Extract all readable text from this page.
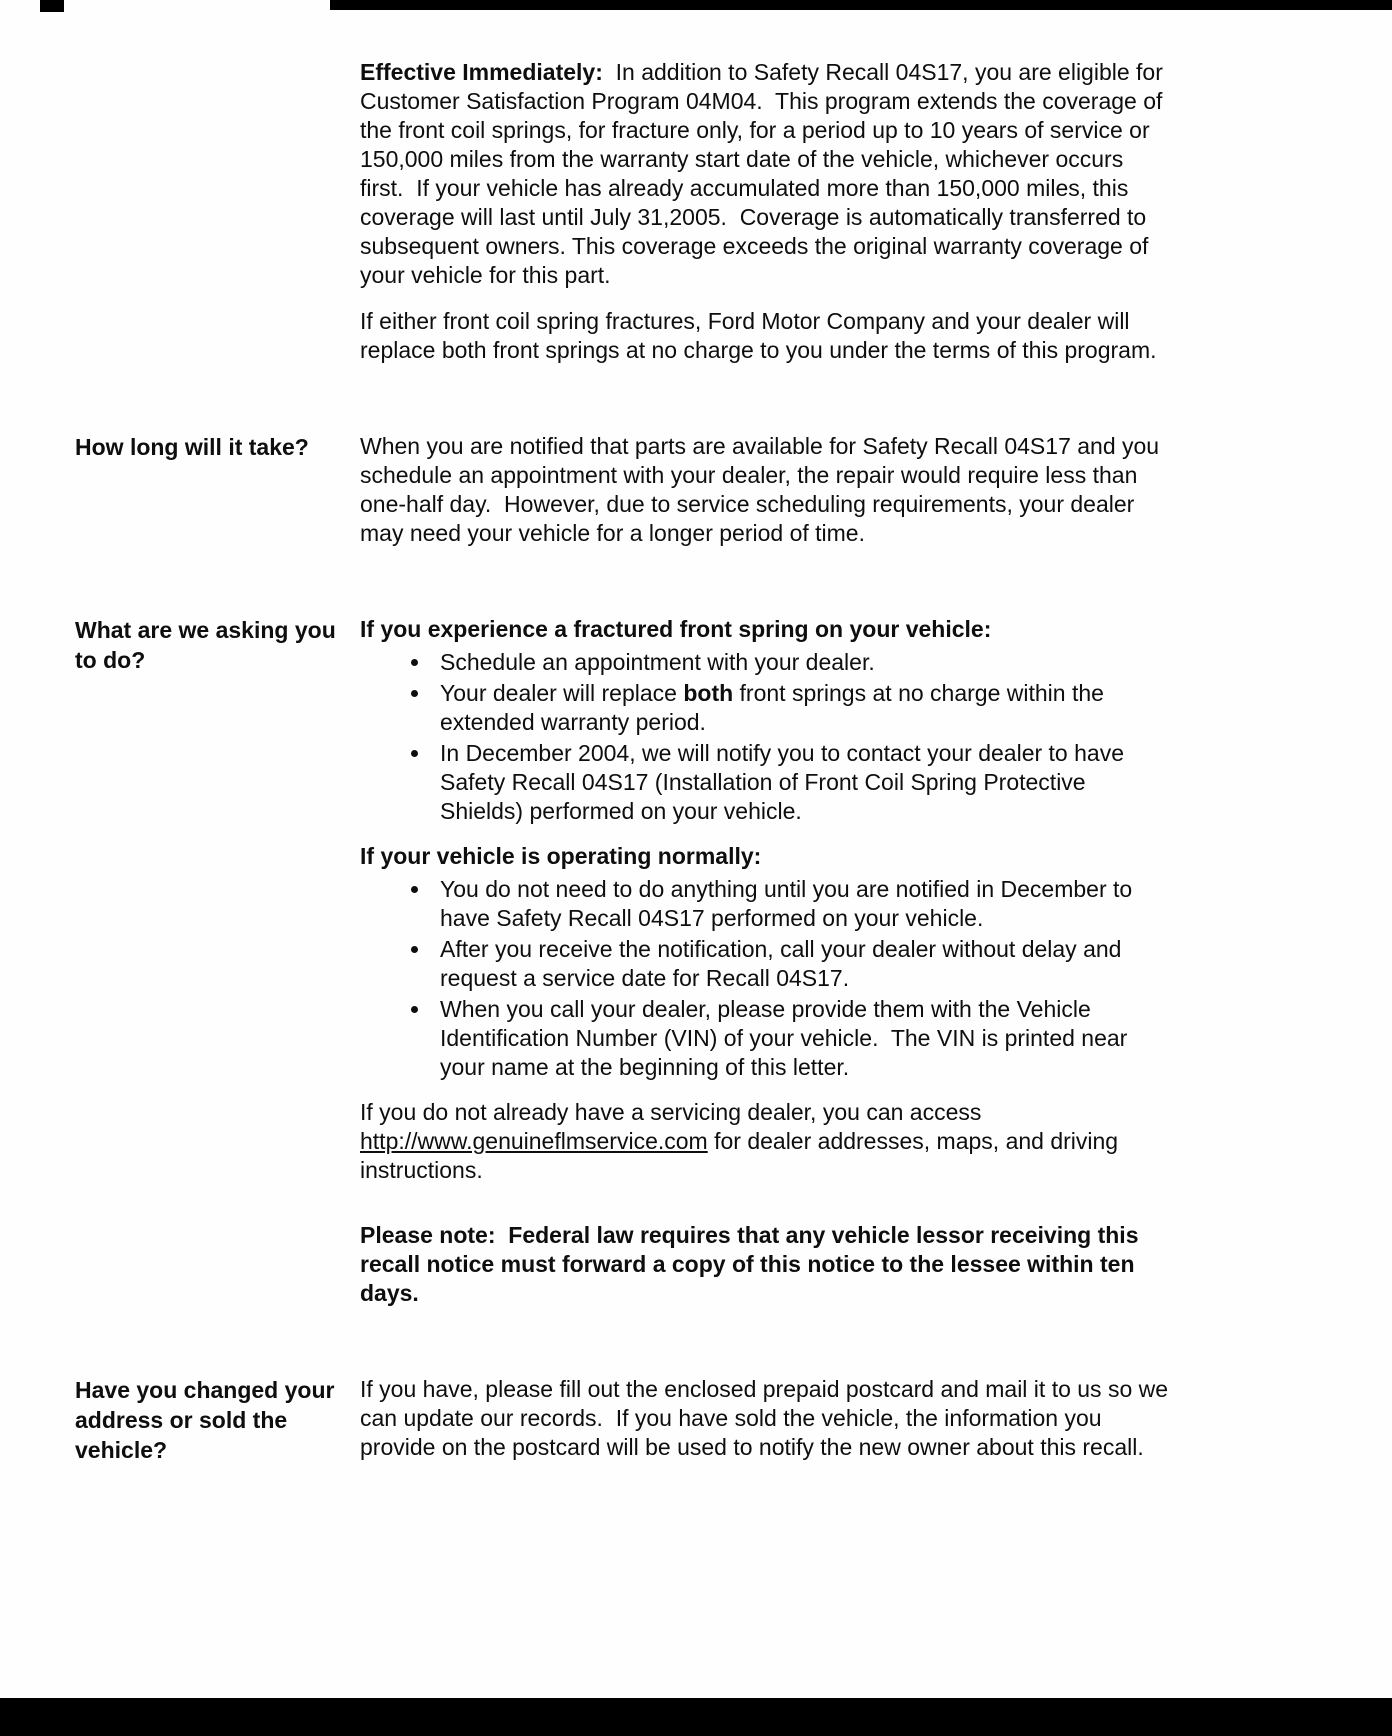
Effective Immediately:  In addition to Safety Recall 04S17, you are eligible for Customer Satisfaction Program 04M04.  This program extends the coverage of the front coil springs, for fracture only, for a period up to 10 years of service or 150,000 miles from the warranty start date of the vehicle, whichever occurs first.  If your vehicle has already accumulated more than 150,000 miles, this coverage will last until July 31,2005.  Coverage is automatically transferred to subsequent owners. This coverage exceeds the original warranty coverage of your vehicle for this part.

If either front coil spring fractures, Ford Motor Company and your dealer will replace both front springs at no charge to you under the terms of this program.

How long will it take?	When you are notified that parts are available for Safety Recall 04S17 and you schedule an appointment with your dealer, the repair would require less than one-half day.  However, due to service scheduling requirements, your dealer may need your vehicle for a longer period of time.

What are we asking you to do?

If you experience a fractured front spring on your vehicle:

• Schedule an appointment with your dealer.
• Your dealer will replace both front springs at no charge within the extended warranty period.
• In December 2004, we will notify you to contact your dealer to have Safety Recall 04S17 (Installation of Front Coil Spring Protective Shields) performed on your vehicle.

If your vehicle is operating normally:

• You do not need to do anything until you are notified in December to have Safety Recall 04S17 performed on your vehicle.
• After you receive the notification, call your dealer without delay and request a service date for Recall 04S17.
• When you call your dealer, please provide them with the Vehicle Identification Number (VIN) of your vehicle.  The VIN is printed near your name at the beginning of this letter.

If you do not already have a servicing dealer, you can access http://www.genuineflmservice.com for dealer addresses, maps, and driving instructions.

Please note:  Federal law requires that any vehicle lessor receiving this recall notice must forward a copy of this notice to the lessee within ten days.

Have you changed your address or sold the vehicle?

If you have, please fill out the enclosed prepaid postcard and mail it to us so we can update our records.  If you have sold the vehicle, the information you provide on the postcard will be used to notify the new owner about this recall.
